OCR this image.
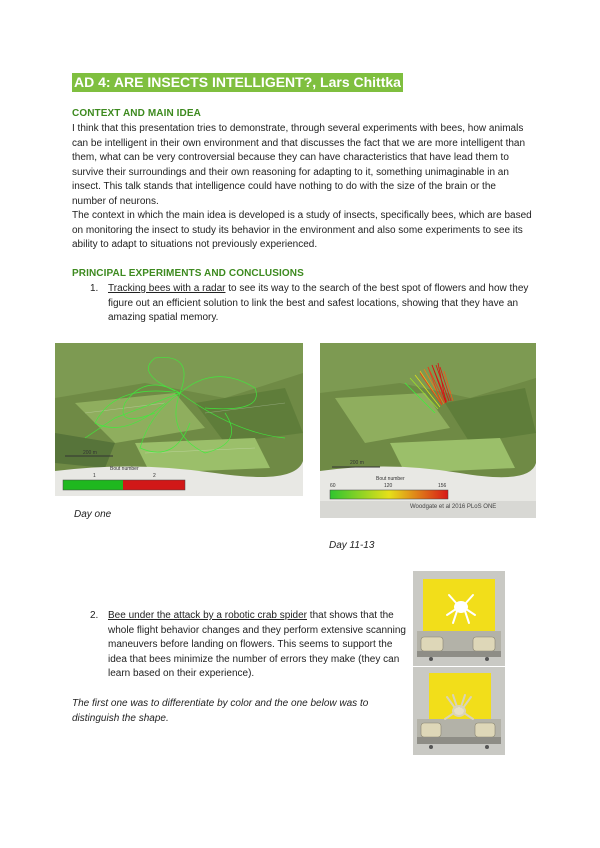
AD 4: ARE INSECTS INTELLIGENT?, Lars Chittka
CONTEXT AND MAIN IDEA

I think that this presentation tries to demonstrate, through several experiments with bees, how animals can be intelligent in their own environment and that discusses the fact that we are more intelligent than them, what can be very controversial because they can have characteristics that have lead them to survive their surroundings and their own reasoning for adapting to it, something unimaginable in an insect. This talk stands that intelligence could have nothing to do with the size of the brain or the number of neurons.

The context in which the main idea is developed is a study of insects, specifically bees, which are based on monitoring the insect to study its behavior in the environment and also some experiments to see its ability to adapt to situations not previously experienced.

PRINCIPAL EXPERIMENTS AND CONCLUSIONS
1. Tracking bees with a radar to see its way to the search of the best spot of flowers and how they figure out an efficient solution to link the best and safest locations, showing that they have an amazing spatial memory.
200 m
Bout number
1	2
Day one
200 m
Bout number
60	120	156
Woodgate et al 2016 PLoS ONE
Day 11-13
2. Bee under the attack by a robotic crab spider that shows that the whole flight behavior changes and they perform extensive scanning maneuvers before landing on flowers. This seems to support the idea that bees minimize the number of errors they make (they can learn based on their experience).
The first one was to differentiate by color and the one below was to distinguish the shape.
